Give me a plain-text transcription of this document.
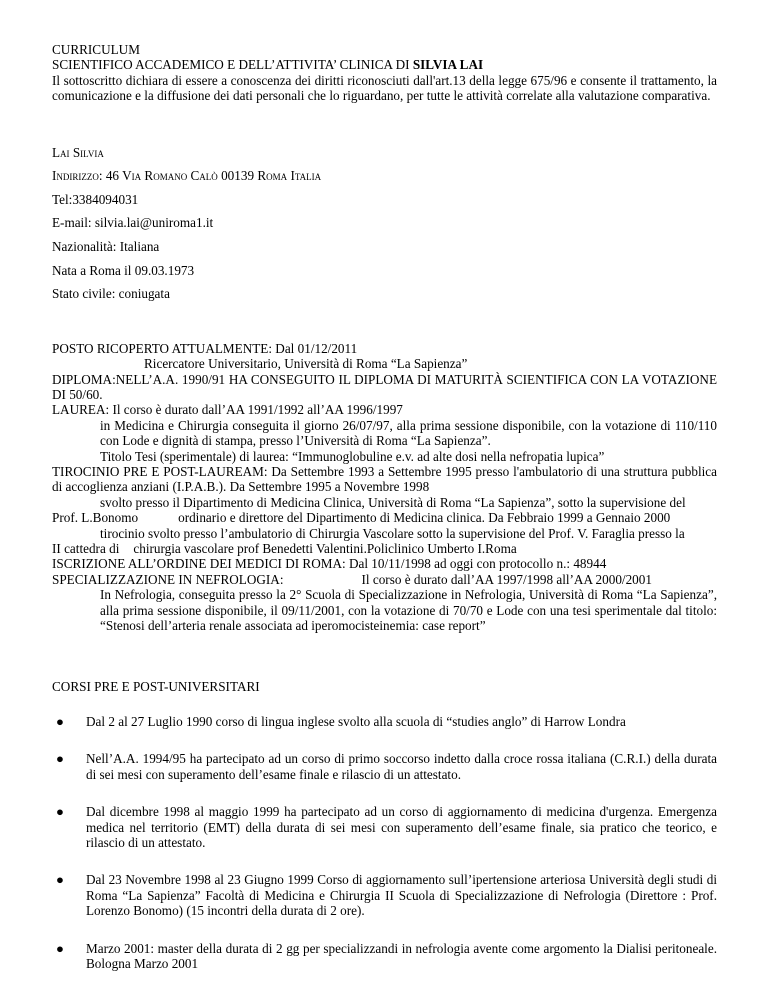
CURRICULUM
SCIENTIFICO ACCADEMICO E DELL’ATTIVITA’ CLINICA DI SILVIA LAI
Il sottoscritto dichiara di essere a conoscenza dei diritti riconosciuti dall'art.13 della legge 675/96 e consente il trattamento, la comunicazione e la diffusione dei dati personali che lo riguardano, per tutte le attività correlate alla valutazione comparativa.
Lai Silvia
Indirizzo: 46 Via Romano Calò 00139 Roma Italia
Tel:3384094031
E-mail: silvia.lai@uniroma1.it
Nazionalità: Italiana
Nata a Roma il 09.03.1973
Stato civile: coniugata
POSTO RICOPERTO ATTUALMENTE: Dal 01/12/2011
Ricercatore Universitario, Università di Roma “La Sapienza”
DIPLOMA:NELL’A.A. 1990/91 HA CONSEGUITO IL DIPLOMA DI MATURITÀ SCIENTIFICA CON LA VOTAZIONE DI 50/60.
LAUREA: Il corso è durato dall’AA 1991/1992 all’AA 1996/1997
in Medicina e Chirurgia conseguita il giorno 26/07/97, alla prima sessione disponibile, con la votazione di 110/110 con Lode e dignità di stampa, presso l’Università di Roma “La Sapienza”.
Titolo Tesi (sperimentale) di laurea: “Immunoglobuline e.v. ad alte dosi nella nefropatia lupica”
TIROCINIO PRE E POST-LAUREAM: Da Settembre 1993 a Settembre 1995 presso l'ambulatorio di una struttura pubblica di accoglienza anziani (I.P.A.B.). Da Settembre 1995 a Novembre 1998
svolto presso il Dipartimento di Medicina Clinica, Università di Roma “La Sapienza”, sotto la supervisione del
Prof. L.Bonomo	ordinario e direttore del Dipartimento di Medicina clinica. Da Febbraio 1999 a Gennaio 2000
tirocinio svolto presso l’ambulatorio di Chirurgia Vascolare sotto la supervisione del Prof. V. Faraglia presso la
II cattedra di chirurgia vascolare prof Benedetti Valentini.Policlinico Umberto I.Roma
ISCRIZIONE ALL’ORDINE DEI MEDICI DI ROMA: Dal 10/11/1998 ad oggi con protocollo n.: 48944
SPECIALIZZAZIONE IN NEFROLOGIA:	Il corso è durato dall’AA 1997/1998 all’AA 2000/2001
In Nefrologia, conseguita presso la 2° Scuola di Specializzazione in Nefrologia, Università di Roma “La Sapienza”, alla prima sessione disponibile, il 09/11/2001, con la votazione di 70/70 e Lode con una tesi sperimentale dal titolo: “Stenosi dell’arteria renale associata ad iperomocisteinemia: case report”
CORSI PRE E POST-UNIVERSITARI
● Dal 2 al 27 Luglio 1990 corso di lingua inglese svolto alla scuola di “studies anglo” di Harrow Londra
● Nell’A.A. 1994/95 ha partecipato ad un corso di primo soccorso indetto dalla croce rossa italiana (C.R.I.) della durata di sei mesi con superamento dell’esame finale e rilascio di un attestato.
● Dal dicembre 1998 al maggio 1999 ha partecipato ad un corso di aggiornamento di medicina d'urgenza. Emergenza medica nel territorio (EMT) della durata di sei mesi con superamento dell’esame finale, sia pratico che teorico, e rilascio di un attestato.
● Dal 23 Novembre 1998 al 23 Giugno 1999 Corso di aggiornamento sull’ipertensione arteriosa Università degli studi di Roma “La Sapienza” Facoltà di Medicina e Chirurgia II Scuola di Specializzazione di Nefrologia (Direttore : Prof. Lorenzo Bonomo) (15 incontri della durata di 2 ore).
● Marzo 2001: master della durata di 2 gg per specializzandi in nefrologia avente come argomento la Dialisi peritoneale. Bologna Marzo 2001
